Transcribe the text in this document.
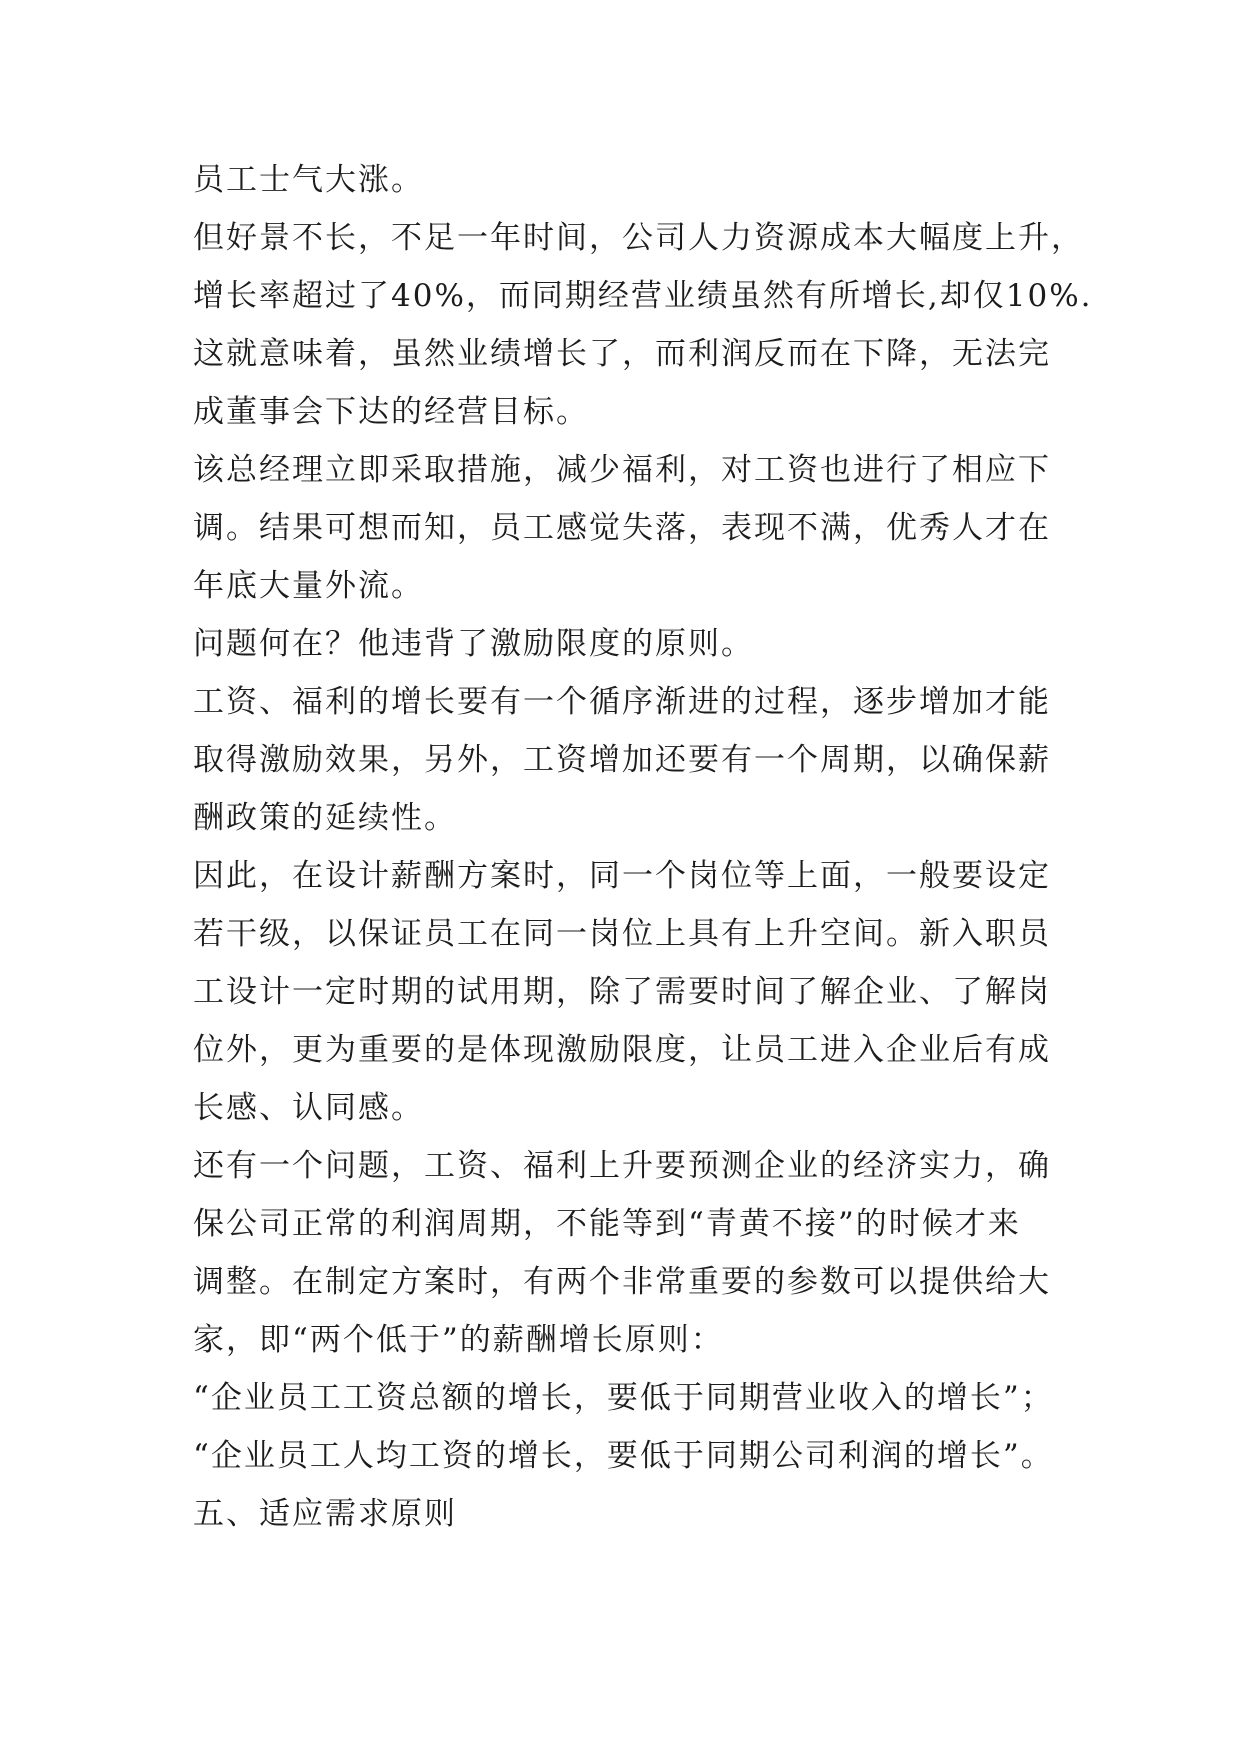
员工士气大涨。
但好景不长，不足一年时间，公司人力资源成本大幅度上升，
增长率超过了40%，而同期经营业绩虽然有所增长,却仅10%.
这就意味着，虽然业绩增长了，而利润反而在下降，无法完
成董事会下达的经营目标。
该总经理立即采取措施，减少福利，对工资也进行了相应下
调。结果可想而知，员工感觉失落，表现不满，优秀人才在
年底大量外流。
问题何在？他违背了激励限度的原则。
工资、福利的增长要有一个循序渐进的过程，逐步增加才能
取得激励效果，另外，工资增加还要有一个周期，以确保薪
酬政策的延续性。
因此，在设计薪酬方案时，同一个岗位等上面，一般要设定
若干级，以保证员工在同一岗位上具有上升空间。新入职员
工设计一定时期的试用期，除了需要时间了解企业、了解岗
位外，更为重要的是体现激励限度，让员工进入企业后有成
长感、认同感。
还有一个问题，工资、福利上升要预测企业的经济实力，确
保公司正常的利润周期，不能等到“青黄不接”的时候才来
调整。在制定方案时，有两个非常重要的参数可以提供给大
家，即“两个低于”的薪酬增长原则：
“企业员工工资总额的增长，要低于同期营业收入的增长”；
“企业员工人均工资的增长，要低于同期公司利润的增长”。
五、适应需求原则
